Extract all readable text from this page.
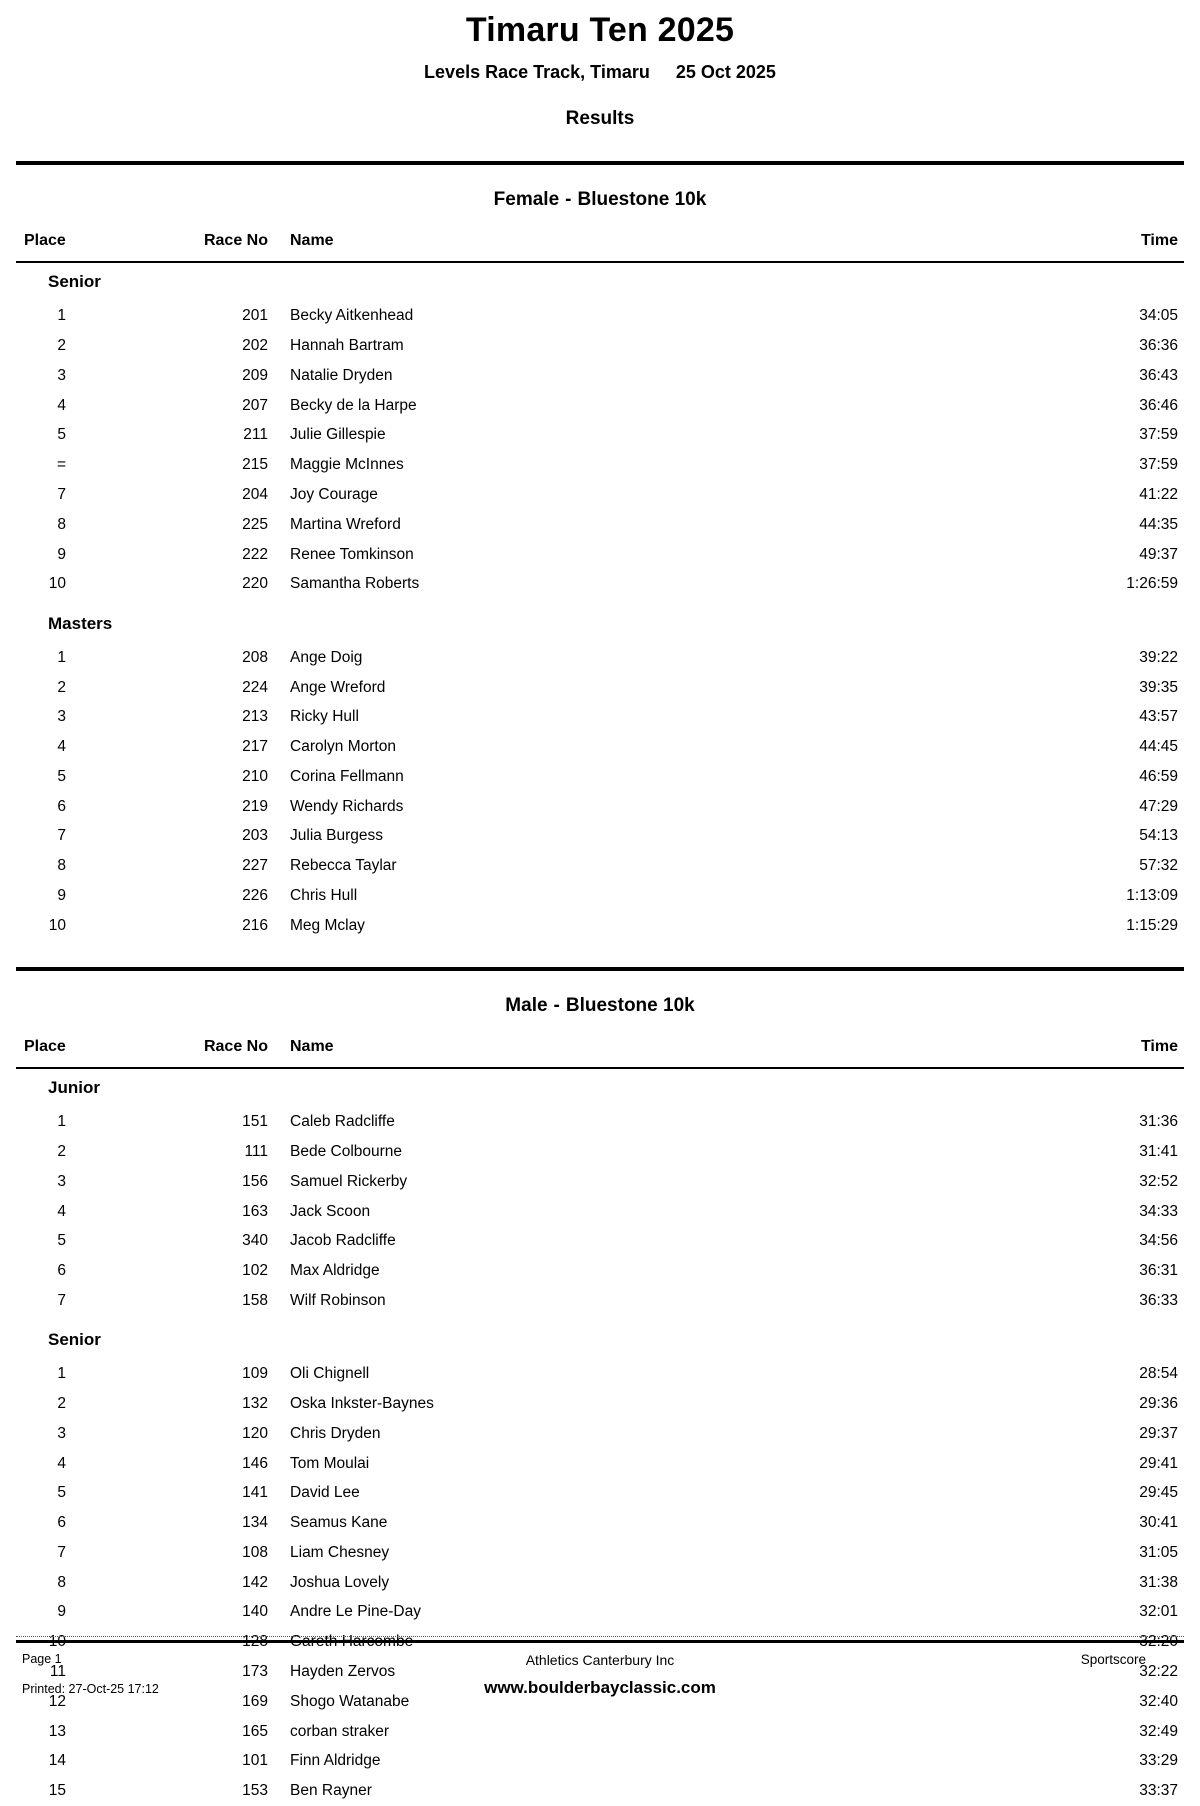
Timaru Ten 2025
Levels Race Track, Timaru 25 Oct 2025
Results
Female - Bluestone 10k
Place	Race No	Name	Time
Senior			
1	201	Becky Aitkenhead	34:05
2	202	Hannah Bartram	36:36
3	209	Natalie Dryden	36:43
4	207	Becky de la Harpe	36:46
5	211	Julie Gillespie	37:59
=	215	Maggie McInnes	37:59
7	204	Joy Courage	41:22
8	225	Martina Wreford	44:35
9	222	Renee Tomkinson	49:37
10	220	Samantha Roberts	1:26:59
Masters			
1	208	Ange Doig	39:22
2	224	Ange Wreford	39:35
3	213	Ricky Hull	43:57
4	217	Carolyn Morton	44:45
5	210	Corina Fellmann	46:59
6	219	Wendy Richards	47:29
7	203	Julia Burgess	54:13
8	227	Rebecca Taylar	57:32
9	226	Chris Hull	1:13:09
10	216	Meg Mclay	1:15:29
Male - Bluestone 10k
Place	Race No	Name	Time
Junior			
1	151	Caleb Radcliffe	31:36
2	111	Bede Colbourne	31:41
3	156	Samuel Rickerby	32:52
4	163	Jack Scoon	34:33
5	340	Jacob Radcliffe	34:56
6	102	Max Aldridge	36:31
7	158	Wilf Robinson	36:33
Senior			
1	109	Oli Chignell	28:54
2	132	Oska Inkster-Baynes	29:36
3	120	Chris Dryden	29:37
4	146	Tom Moulai	29:41
5	141	David Lee	29:45
6	134	Seamus Kane	30:41
7	108	Liam Chesney	31:05
8	142	Joshua Lovely	31:38
9	140	Andre Le Pine-Day	32:01
10	128	Gareth Harcombe	32:20
11	173	Hayden Zervos	32:22
12	169	Shogo Watanabe	32:40
13	165	corban straker	32:49
14	101	Finn Aldridge	33:29
15	153	Ben Rayner	33:37
Page 1
Printed: 27-Oct-25 17:12
Athletics Canterbury Inc
www.boulderbayclassic.com
Sportscore
